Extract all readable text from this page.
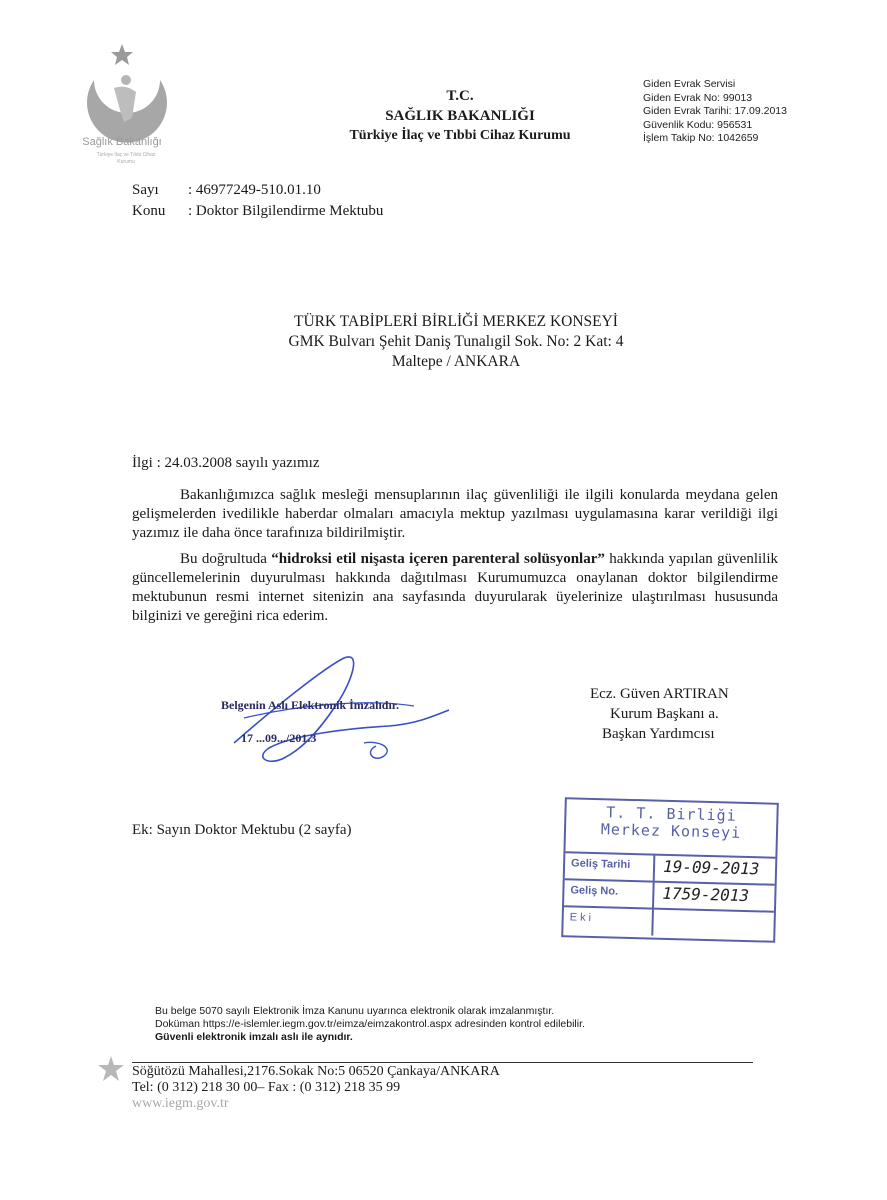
Sağlık Bakanlığı
Türkiye İlaç ve Tıbbi Cihaz Kurumu
T.C.
SAĞLIK BAKANLIĞI
Türkiye İlaç ve Tıbbi Cihaz Kurumu
Giden Evrak Servisi
Giden Evrak No: 99013
Giden Evrak Tarihi: 17.09.2013
Güvenlik Kodu: 956531
İşlem Takip No: 1042659
Sayı	: 46977249-510.01.10
Konu	: Doktor Bilgilendirme Mektubu
TÜRK TABİPLERİ BİRLİĞİ MERKEZ KONSEYİ
GMK Bulvarı Şehit Daniş Tunalıgil Sok. No: 2 Kat: 4
Maltepe / ANKARA
İlgi : 24.03.2008 sayılı yazımız

Bakanlığımızca sağlık mesleği mensuplarının ilaç güvenliliği ile ilgili konularda meydana gelen gelişmelerden ivedilikle haberdar olmaları amacıyla mektup yazılması uygulamasına karar verildiği ilgi yazımız ile daha önce tarafınıza bildirilmiştir.

Bu doğrultuda “hidroksi etil nişasta içeren parenteral solüsyonlar” hakkında yapılan güvenlilik güncellemelerinin duyurulması hakkında dağıtılması Kurumumuzca onaylanan doktor bilgilendirme mektubunun resmi internet sitenizin ana sayfasında duyurularak üyelerinize ulaştırılması hususunda bilginizi ve gereğini rica ederim.

Belgenin Aslı Elektronik İmzalıdır.
17 ...09.../201.3
Ecz. Güven ARTIRAN
Kurum Başkanı a.
Başkan Yardımcısı
Ek: Sayın Doktor Mektubu (2 sayfa)
T. T. Birliği
Merkez Konseyi
Geliş Tarihi 19-09-2013
Geliş No.	1759-2013
Eki
Bu belge 5070 sayılı Elektronik İmza Kanunu uyarınca elektronik olarak imzalanmıştır.
Doküman https://e-islemler.iegm.gov.tr/eimza/eimzakontrol.aspx adresinden kontrol edilebilir.
Güvenli elektronik imzalı aslı ile aynıdır.
Söğütözü Mahallesi,2176.Sokak No:5 06520 Çankaya/ANKARA
Tel: (0 312) 218 30 00– Fax : (0 312) 218 35 99
www.iegm.gov.tr
